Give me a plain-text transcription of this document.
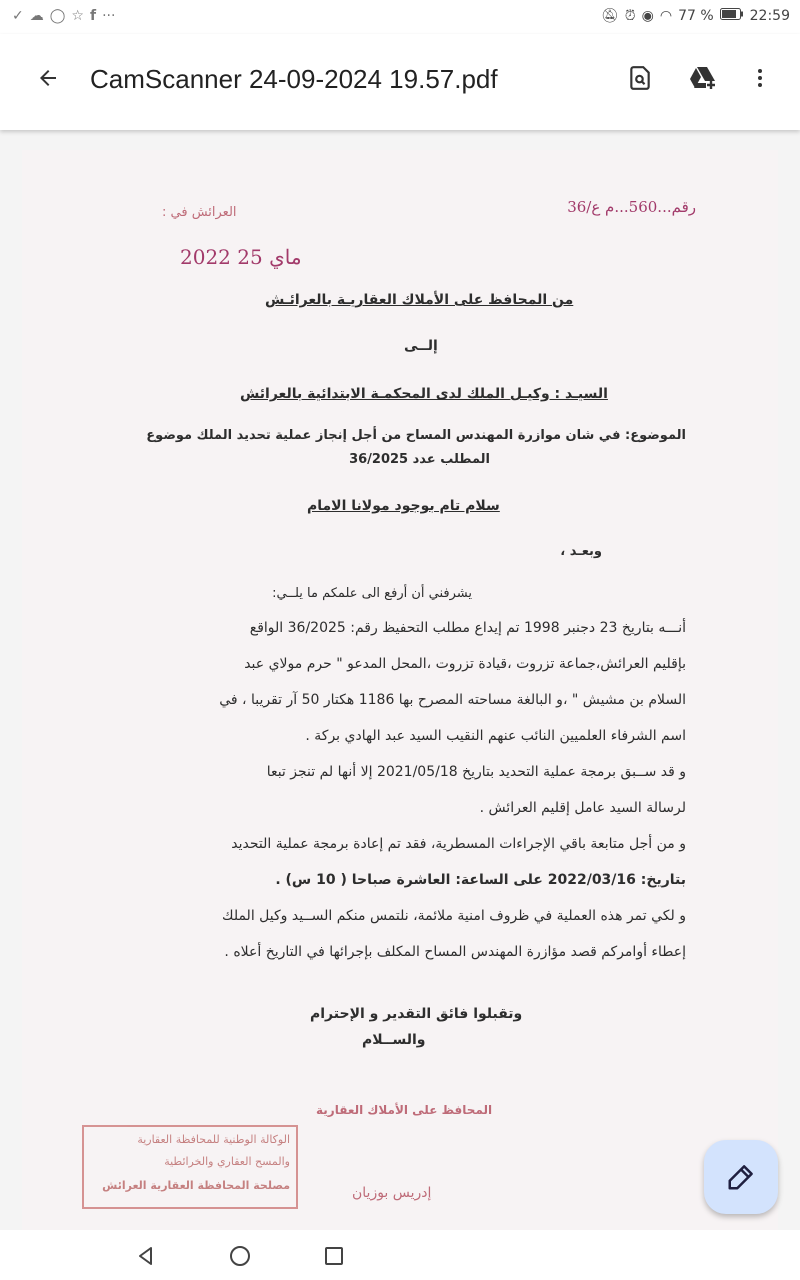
✓ ☁ ◯ ☆ f ···	🔕︎ ⏰︎ ◉ ◠ 77 %	22:59
CamScanner 24-09-2024 19.57.pdf
رقم...560...م ع/36
العرائش في :
2022 ماي 25
من المحافظ على الأملاك العقاريـة بالعرائـش
إلــى
السيـد : وكيـل الملك لدى المحكمـة الابتدائية بالعرائش
الموضوع: في شان موازرة المهندس المساح من أجل إنجاز عملية تحديد الملك موضوع
المطلب عدد 36/2025
سلام تام بوجود مولانا الامام
وبعـد ،
يشرفني أن أرفع الى علمكم ما يلــي:
أنـــه بتاريخ 23 دجنبر 1998 تم إيداع مطلب التحفيظ رقم: 36/2025 الواقع
بإقليم العرائش،جماعة تزروت ،قيادة تزروت ،المحل المدعو " حرم مولاي عبد
السلام بن مشيش " ،و البالغة مساحته المصرح بها 1186 هكتار 50 آر تقريبا ، في
اسم الشرفاء العلميين النائب عنهم النقيب السيد عبد الهادي بركة .
و قد ســبق برمجة عملية التحديد بتاريخ 2021/05/18 إلا أنها لم تنجز تبعا
لرسالة السيد عامل إقليم العرائش .
و من أجل متابعة باقي الإجراءات المسطرية، فقد تم إعادة برمجة عملية التحديد
بتاريخ: 2022/03/16 على الساعة: العاشرة صباحا ( 10 س) .
و لكي تمر هذه العملية في ظروف امنية ملائمة، نلتمس منكم الســيد وكيل الملك
إعطاء أوامركم قصد مؤازرة المهندس المساح المكلف بإجرائها في التاريخ أعلاه .
وتقبلوا فائق التقدير و الإحترام
والســلام
المحافظ على الأملاك العقارية
الوكالة الوطنية للمحافظة العقارية
والمسح العقاري والخرائطية
مصلحة المحافظة العقارية العرائش	إدريس بوزيان
